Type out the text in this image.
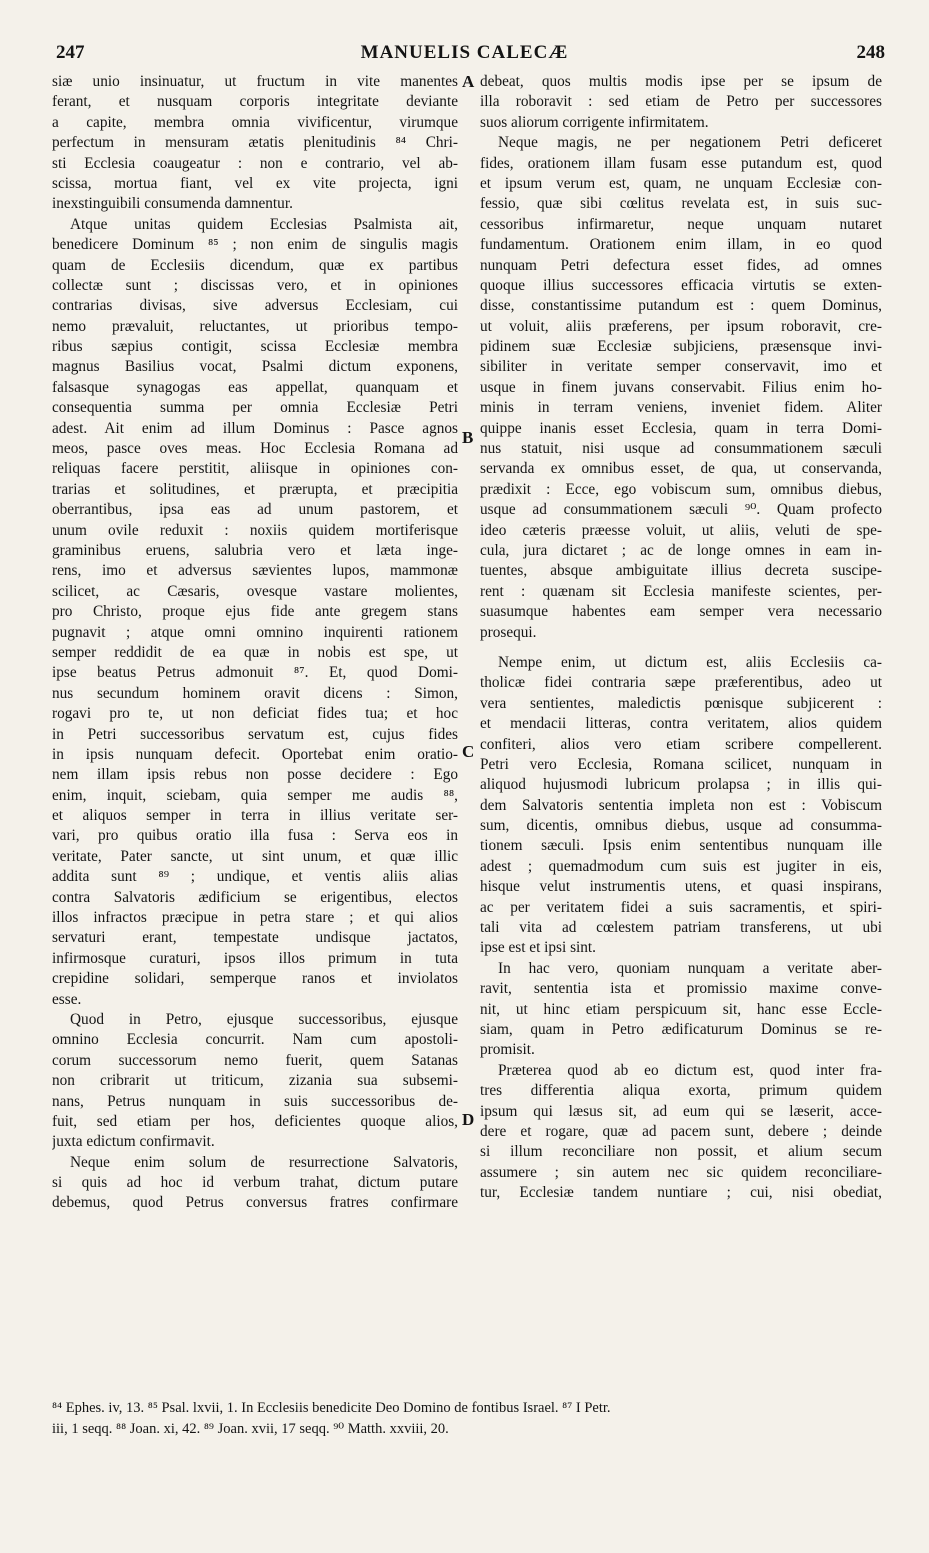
247	MANUELIS CALECÆ	248
siæ unio insinuatur, ut fructum in vite manentes
ferant, et nusquam corporis integritate deviante
a capite, membra omnia vivificentur, virumque
perfectum in mensuram ætatis plenitudinis ⁸⁴ Chri-
sti Ecclesia coaugeatur : non e contrario, vel ab-
scissa, mortua fiant, vel ex vite projecta, igni
inexstinguibili consumenda damnentur.
Atque unitas quidem Ecclesias Psalmista ait,
benedicere Dominum ⁸⁵ ; non enim de singulis magis
quam de Ecclesiis dicendum, quæ ex partibus
collectæ sunt ; discissas vero, et in opiniones
contrarias divisas, sive adversus Ecclesiam, cui
nemo prævaluit, reluctantes, ut prioribus tempo-
ribus sæpius contigit, scissa Ecclesiæ membra
magnus Basilius vocat, Psalmi dictum exponens,
falsasque synagogas eas appellat, quanquam et
consequentia summa per omnia Ecclesiæ Petri
adest. Ait enim ad illum Dominus : Pasce agnos
meos, pasce oves meas. Hoc Ecclesia Romana ad
reliquas facere perstitit, aliisque in opiniones con-
trarias et solitudines, et prærupta, et præcipitia
oberrantibus, ipsa eas ad unum pastorem, et
unum ovile reduxit : noxiis quidem mortiferisque
graminibus eruens, salubria vero et læta inge-
rens, imo et adversus sævientes lupos, mammonæ
scilicet, ac Cæsaris, ovesque vastare molientes,
pro Christo, proque ejus fide ante gregem stans
pugnavit ; atque omni omnino inquirenti rationem
semper reddidit de ea quæ in nobis est spe, ut
ipse beatus Petrus admonuit ⁸⁷. Et, quod Domi-
nus secundum hominem oravit dicens : Simon,
rogavi pro te, ut non deficiat fides tua; et hoc
in Petri successoribus servatum est, cujus fides
in ipsis nunquam defecit. Oportebat enim oratio-
nem illam ipsis rebus non posse decidere : Ego
enim, inquit, sciebam, quia semper me audis ⁸⁸,
et aliquos semper in terra in illius veritate ser-
vari, pro quibus oratio illa fusa : Serva eos in
veritate, Pater sancte, ut sint unum, et quæ illic
addita sunt ⁸⁹ ; undique, et ventis aliis alias
contra Salvatoris ædificium se erigentibus, electos
illos infractos præcipue in petra stare ; et qui alios
servaturi erant, tempestate undisque jactatos,
infirmosque curaturi, ipsos illos primum in tuta
crepidine solidari, semperque ranos et inviolatos
esse.
Quod in Petro, ejusque successoribus, ejusque
omnino Ecclesia concurrit. Nam cum apostoli-
corum successorum nemo fuerit, quem Satanas
non cribrarit ut triticum, zizania sua subsemi-
nans, Petrus nunquam in suis successoribus de-
fuit, sed etiam per hos, deficientes quoque alios,
juxta edictum confirmavit.
Neque enim solum de resurrectione Salvatoris,
si quis ad hoc id verbum trahat, dictum putare
debemus, quod Petrus conversus fratres confirmare
debeat, quos multis modis ipse per se ipsum de
illa roboravit : sed etiam de Petro per successores
suos aliorum corrigente infirmitatem.
Neque magis, ne per negationem Petri deficeret
fides, orationem illam fusam esse putandum est, quod
et ipsum verum est, quam, ne unquam Ecclesiæ con-
fessio, quæ sibi cœlitus revelata est, in suis suc-
cessoribus infirmaretur, neque unquam nutaret
fundamentum. Orationem enim illam, in eo quod
nunquam Petri defectura esset fides, ad omnes
quoque illius successores efficacia virtutis se exten-
disse, constantissime putandum est : quem Dominus,
ut voluit, aliis præferens, per ipsum roboravit, cre-
pidinem suæ Ecclesiæ subjiciens, præsensque invi-
sibiliter in veritate semper conservavit, imo et
usque in finem juvans conservabit. Filius enim ho-
minis in terram veniens, inveniet fidem. Aliter
quippe inanis esset Ecclesia, quam in terra Domi-
nus statuit, nisi usque ad consummationem sæculi
servanda ex omnibus esset, de qua, ut conservanda,
prædixit : Ecce, ego vobiscum sum, omnibus diebus,
usque ad consummationem sæculi ⁹⁰. Quam profecto
ideo cæteris præesse voluit, ut aliis, veluti de spe-
cula, jura dictaret ; ac de longe omnes in eam in-
tuentes, absque ambiguitate illius decreta suscipe-
rent : quænam sit Ecclesia manifeste scientes, per-
suasumque habentes eam semper vera necessario
prosequi.
Nempe enim, ut dictum est, aliis Ecclesiis ca-
tholicæ fidei contraria sæpe præferentibus, adeo ut
vera sentientes, maledictis pœnisque subjicerent :
et mendacii litteras, contra veritatem, alios quidem
confiteri, alios vero etiam scribere compellerent.
Petri vero Ecclesia, Romana scilicet, nunquam in
aliquod hujusmodi lubricum prolapsa ; in illis qui-
dem Salvatoris sententia impleta non est : Vobiscum
sum, dicentis, omnibus diebus, usque ad consumma-
tionem sæculi. Ipsis enim sententibus nunquam ille
adest ; quemadmodum cum suis est jugiter in eis,
hisque velut instrumentis utens, et quasi inspirans,
ac per veritatem fidei a suis sacramentis, et spiri-
tali vita ad cœlestem patriam transferens, ut ubi
ipse est et ipsi sint.
In hac vero, quoniam nunquam a veritate aber-
ravit, sententia ista et promissio maxime conve-
nit, ut hinc etiam perspicuum sit, hanc esse Eccle-
siam, quam in Petro ædificaturum Dominus se re-
promisit.
Præterea quod ab eo dictum est, quod inter fra-
tres differentia aliqua exorta, primum quidem
ipsum qui læsus sit, ad eum qui se læserit, acce-
dere et rogare, quæ ad pacem sunt, debere ; deinde
si illum reconciliare non possit, et alium secum
assumere ; sin autem nec sic quidem reconciliare-
tur, Ecclesiæ tandem nuntiare ; cui, nisi obediat,
A
B
C
D
⁸⁴ Ephes. iv, 13. ⁸⁵ Psal. lxvii, 1. In Ecclesiis benedicite Deo Domino de fontibus Israel. ⁸⁷ I Petr.
iii, 1 seqq. ⁸⁸ Joan. xi, 42. ⁸⁹ Joan. xvii, 17 seqq. ⁹⁰ Matth. xxviii, 20.
